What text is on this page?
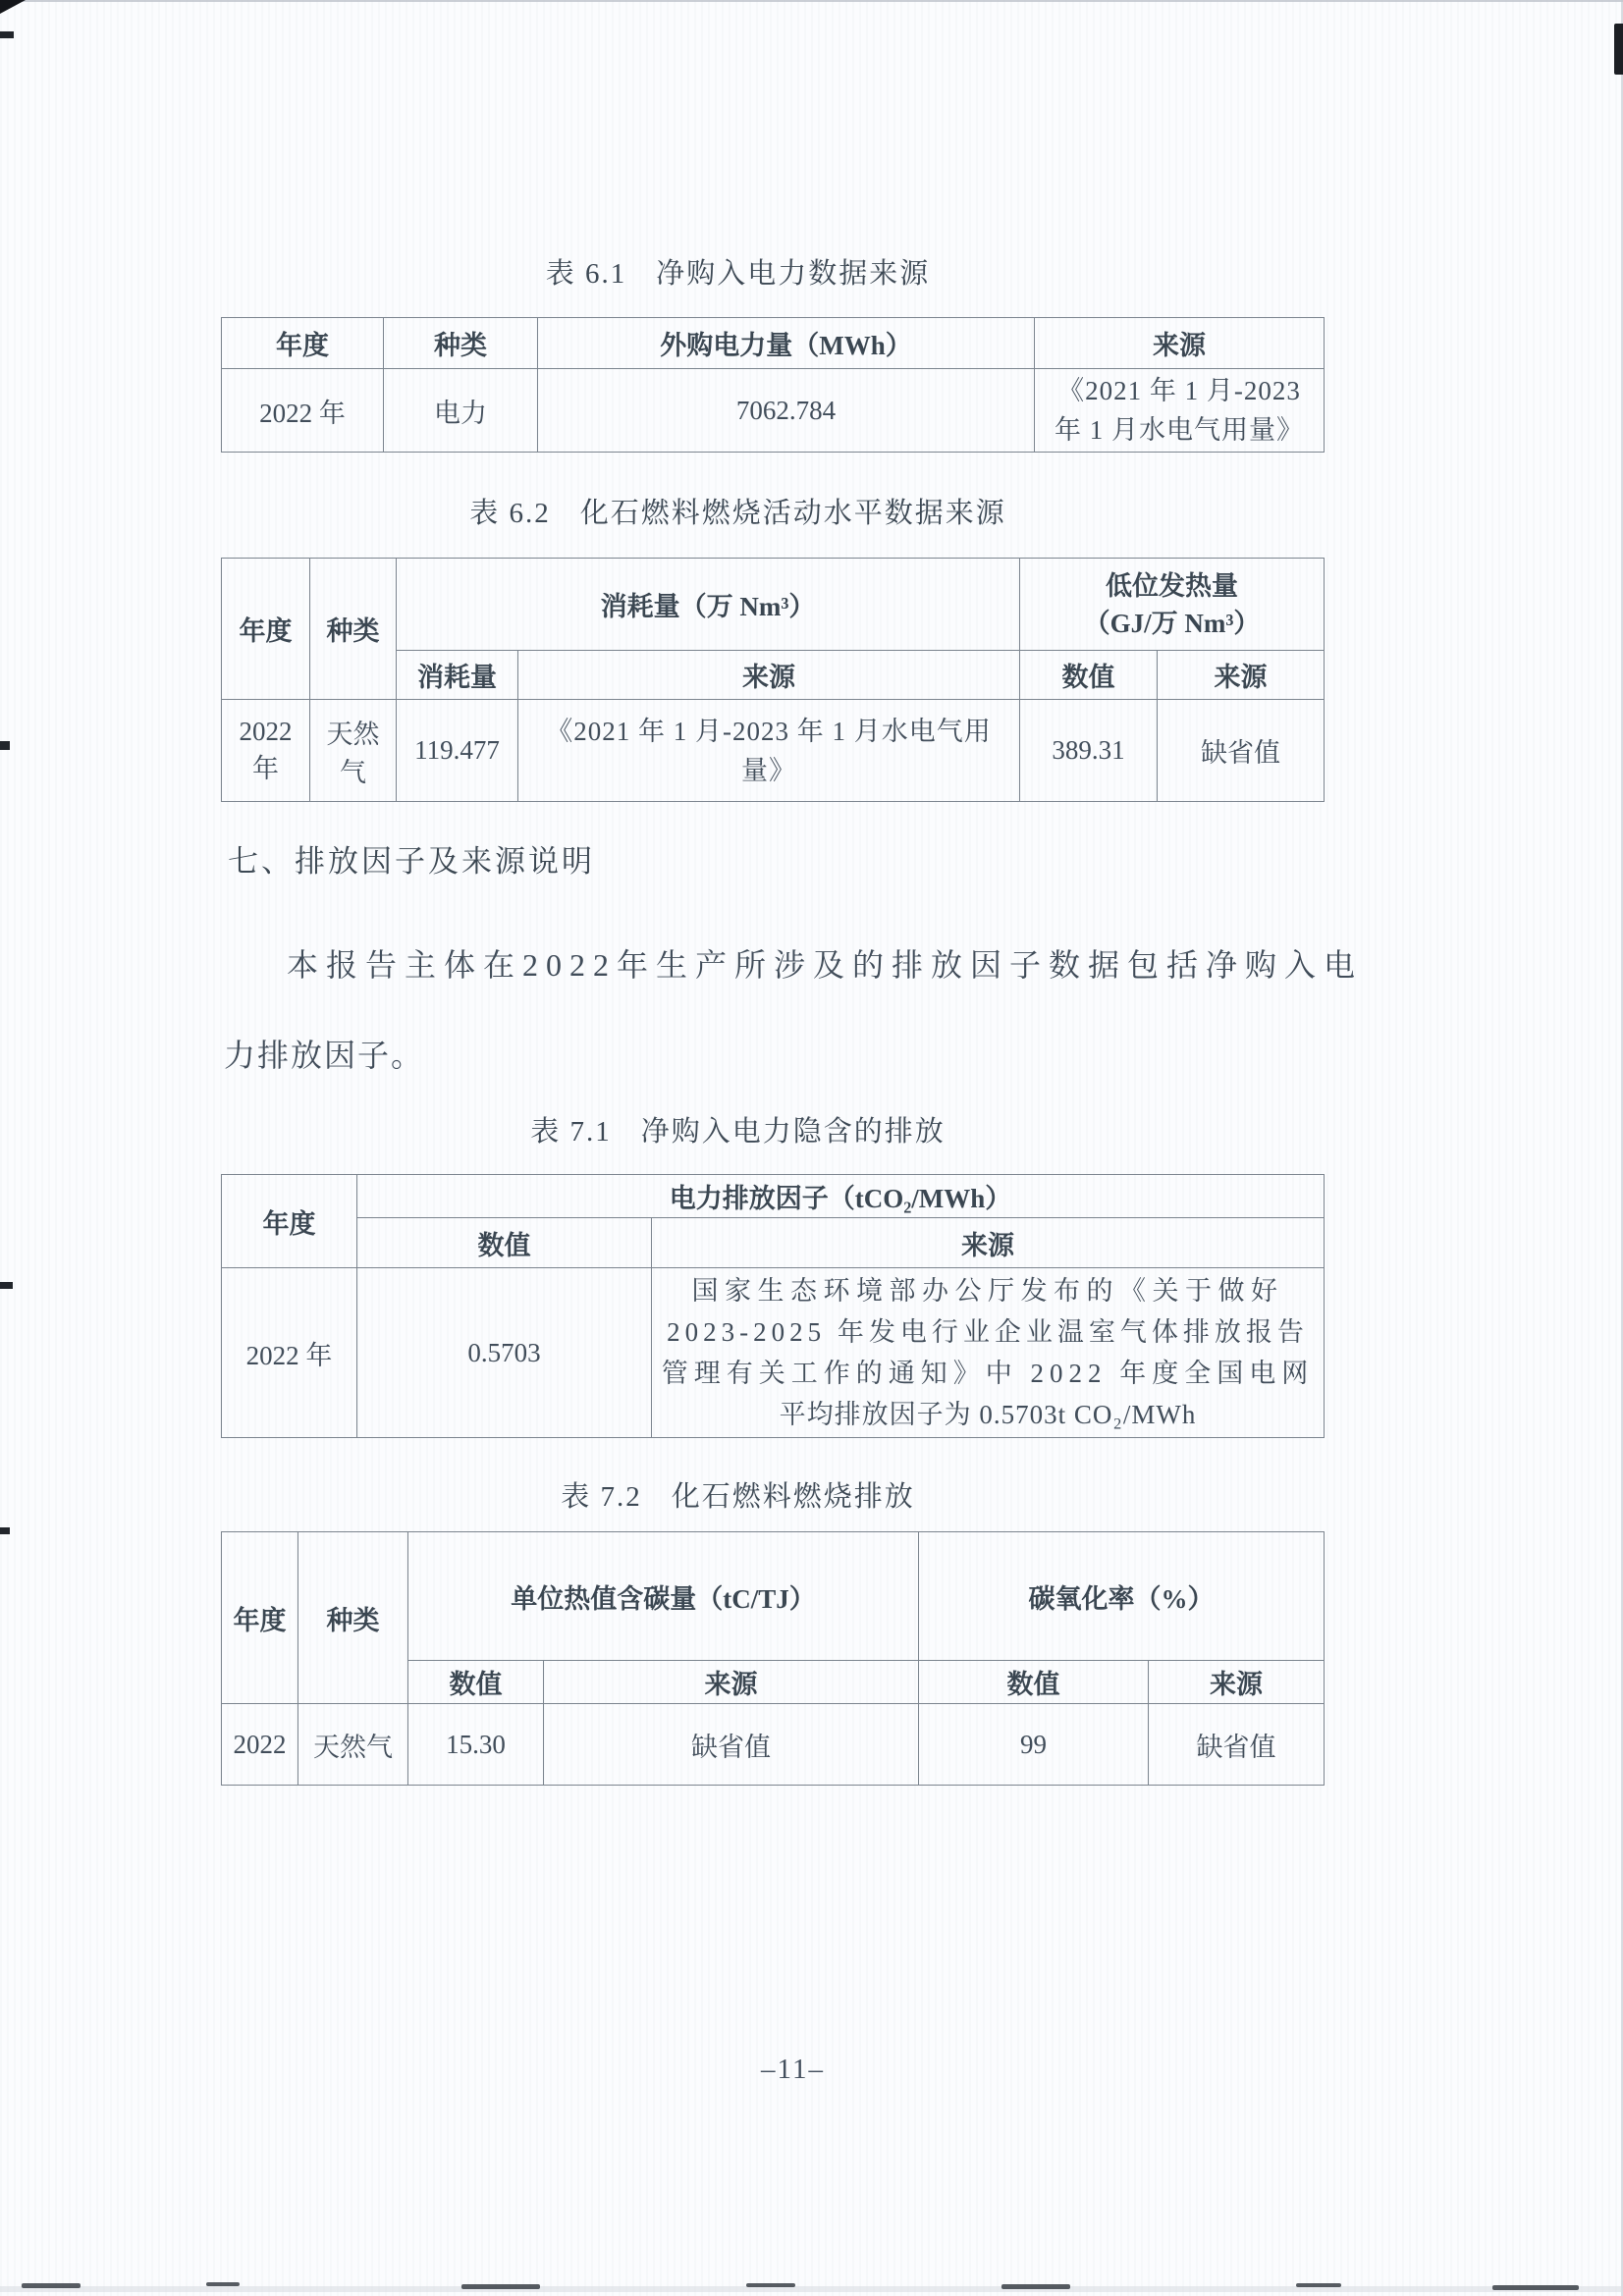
表 6.1 净购入电力数据来源
年度	种类	外购电力量（MWh）	来源
2022 年	电力	7062.784	《2021 年 1 月-2023 年 1 月水电气用量》
表 6.2 化石燃料燃烧活动水平数据来源
年度	种类	消耗量（万 Nm³）		低位发热量
（GJ/万 Nm³）	

		消耗量	来源	数值	来源
2022 年	天然气	119.477	《2021 年 1 月-2023 年 1 月水电气用量》	389.31	缺省值
七、排放因子及来源说明
本报告主体在2022年生产所涉及的排放因子数据包括净购入电
力排放因子。
表 7.1 净购入电力隐含的排放
年度	电力排放因子（tCO₂/MWh）	
	数值	来源
2022 年	0.5703	国家生态环境部办公厅发布的《关于做好
2023-2025 年发电行业企业温室气体排放报告
管理有关工作的通知》中 2022 年度全国电网
平均排放因子为 0.5703t CO₂/MWh
表 7.2 化石燃料燃烧排放
年度	种类	单位热值含碳量（tC/TJ）		碳氧化率（%）	
		数值	来源	数值	来源
2022	天然气	15.30	缺省值	99	缺省值
–11–
